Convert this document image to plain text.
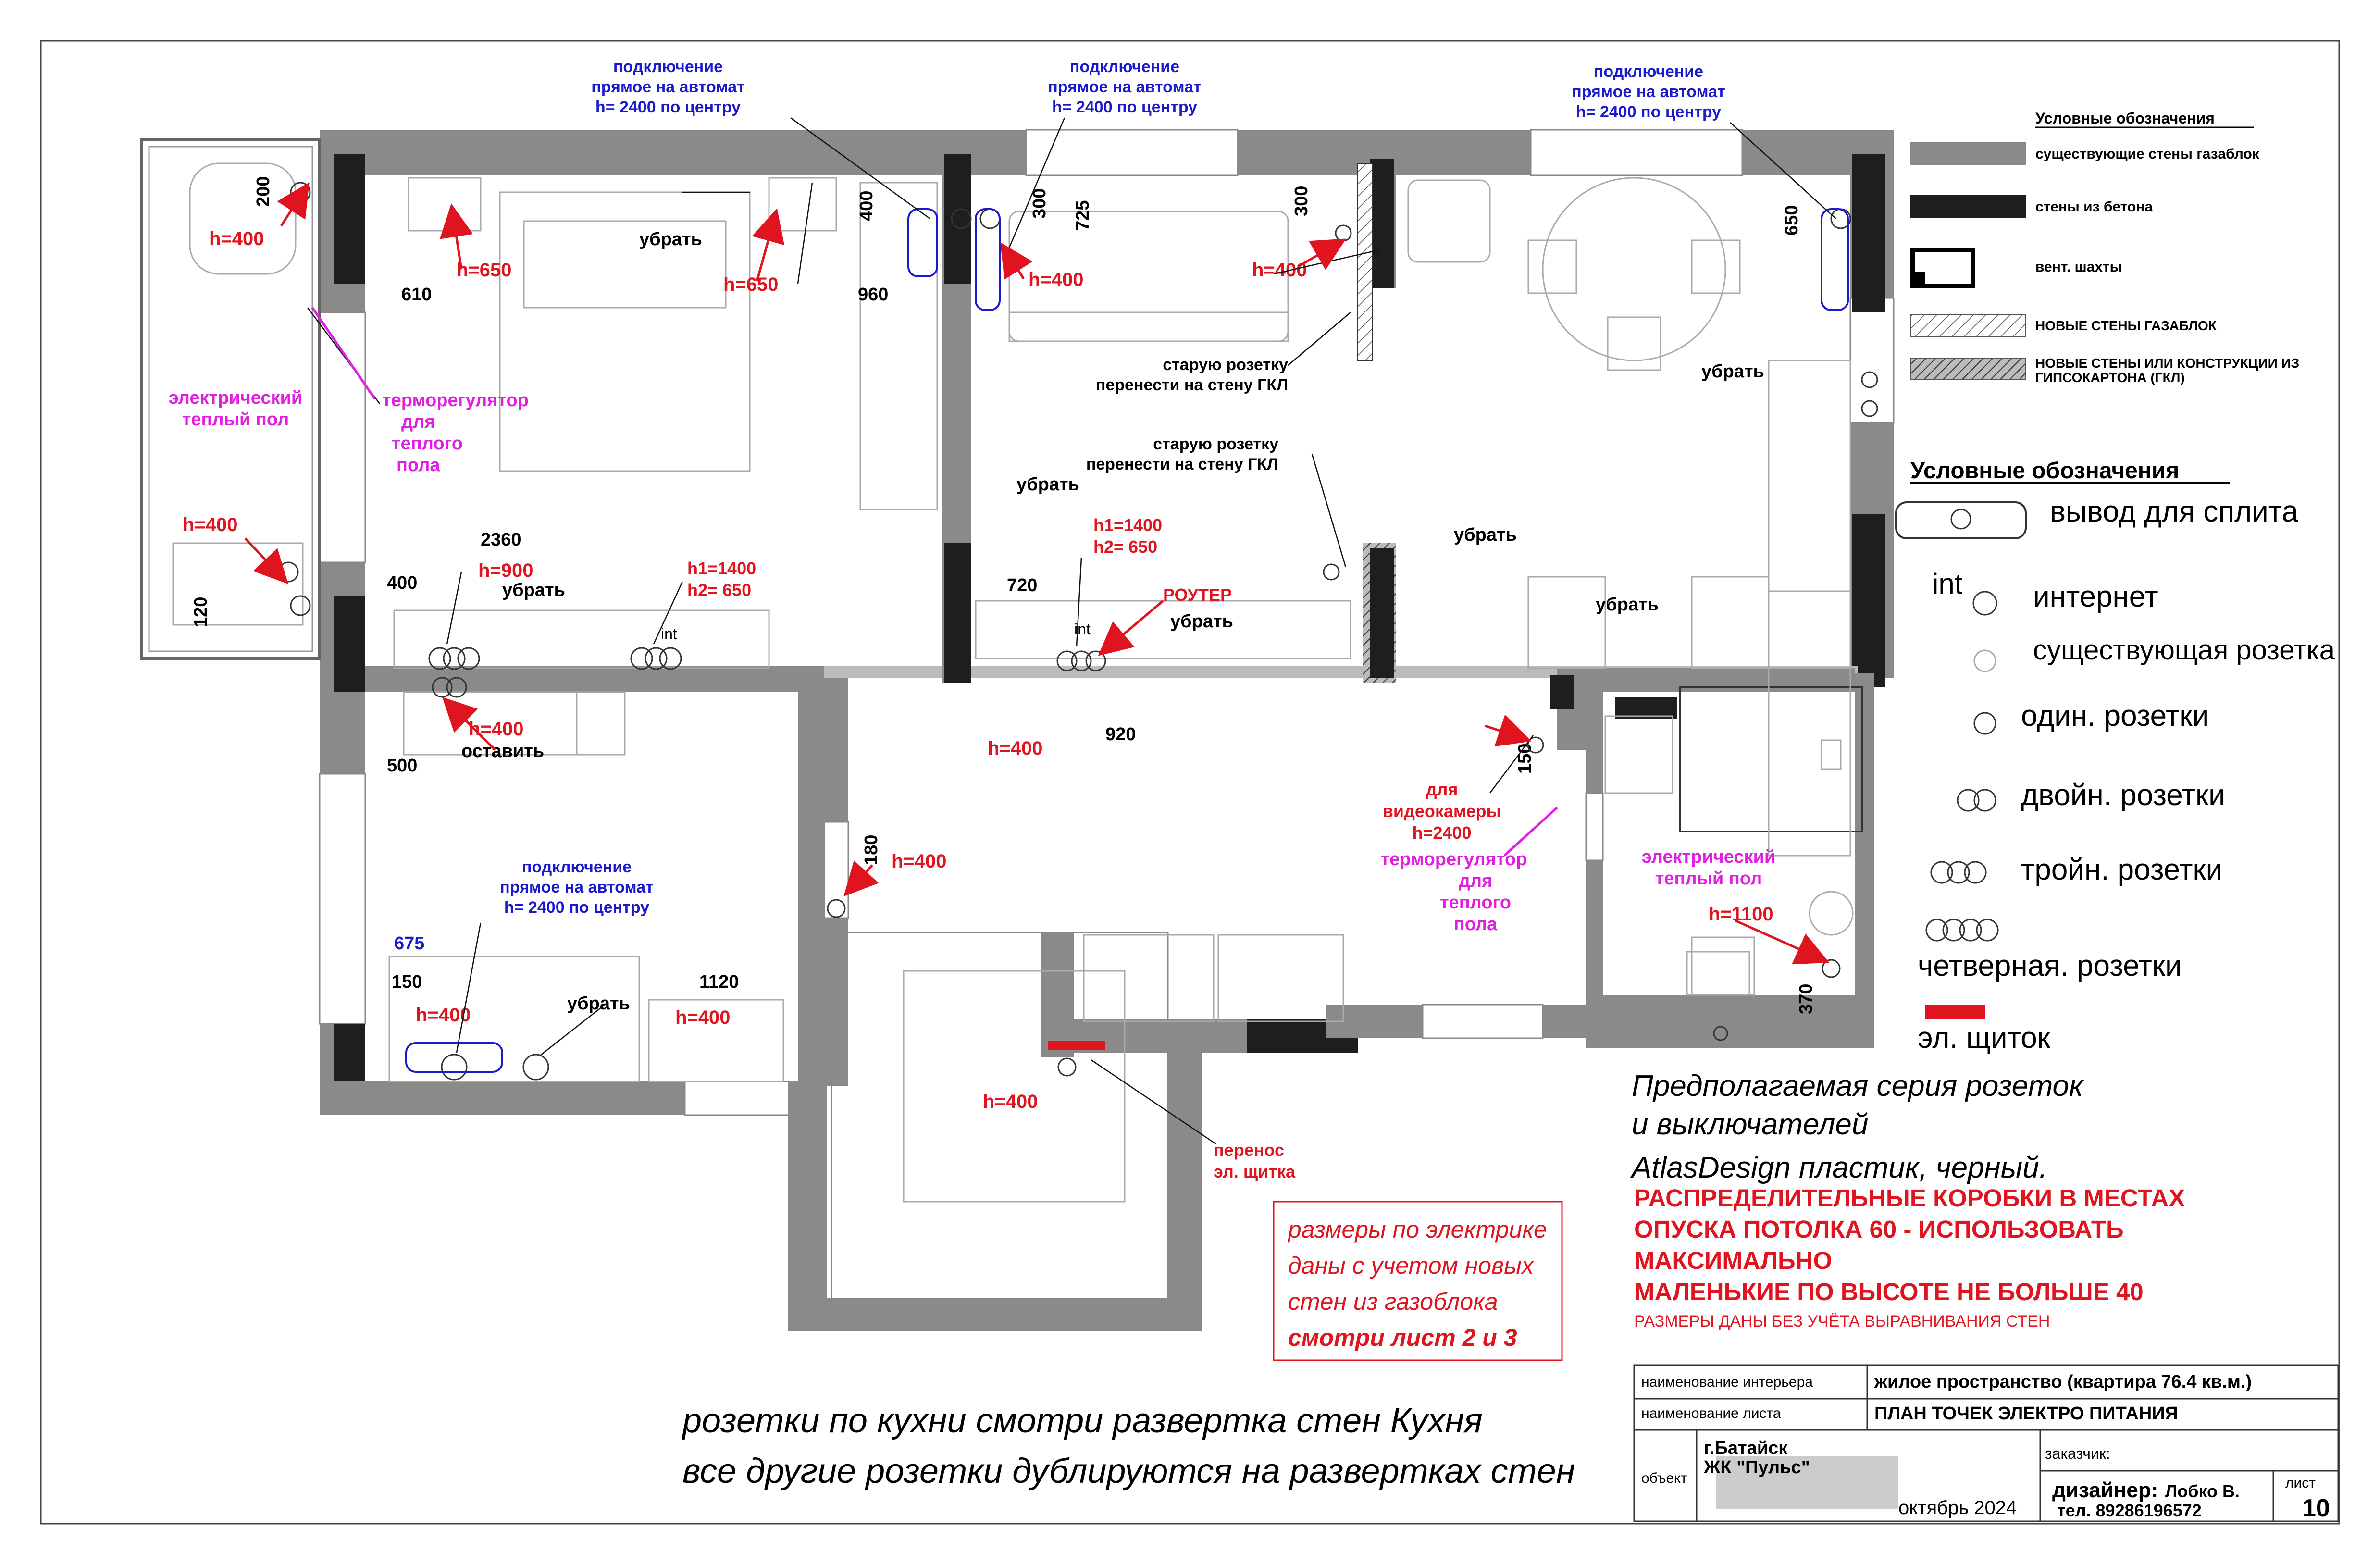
200
610	960
400	300 725	300
650
2360
400	720
920
500	150
180
675
150	1120
370
120
h=400
h=650
h=650	h=400	h=400
h=400
h=900
h=400
h=400
h=400
h=400	h=400
h=400
h=1100
h1=1400
h2= 650
h1=1400
h2= 650
РОУТЕР
для
видеокамеры
h=2400
перенос
эл. щитка
подключение
прямое на автомат
h= 2400 по центру
подключение
прямое на автомат
h= 2400 по центру
подключение
прямое на автомат
h= 2400 по центру
подключение
прямое на автомат
h= 2400 по центру
электрический
теплый пол
терморегулятор
для
теплого
пола
терморегулятор
для
теплого
пола
электрический
теплый пол
убрать
убрать
убрать
убрать
убрать
убрать
убрать
убрать
оставить
int	int
старую розетку
перенести на стену ГКЛ
старую розетку
перенести на стену ГКЛ
Условные обозначения
существующие стены газаблок
стены из бетона
вент. шахты
НОВЫЕ СТЕНЫ ГАЗАБЛОК
НОВЫЕ СТЕНЫ ИЛИ КОНСТРУКЦИИ ИЗ
ГИПСОКАРТОНА (ГКЛ)
Условные обозначения
вывод для сплита
int интернет
существующая розетка
один. розетки
двойн. розетки
тройн. розетки
четверная. розетки
эл. щиток
Предполагаемая серия розеток
и выключателей
AtlasDesign пластик, черный.
РАСПРЕДЕЛИТЕЛЬНЫЕ КОРОБКИ В МЕСТАХ
ОПУСКА ПОТОЛКА 60 - ИСПОЛЬЗОВАТЬ
МАКСИМАЛЬНО
МАЛЕНЬКИЕ ПО ВЫСОТЕ НЕ БОЛЬШЕ 40
РАЗМЕРЫ ДАНЫ БЕЗ УЧЁТА ВЫРАВНИВАНИЯ СТЕН
размеры по электрике
даны с учетом новых
стен из газоблока
смотри лист 2 и 3
розетки по кухни смотри развертка стен Кухня
все другие розетки дублируются на развертках стен
наименование интерьера	жилое пространство (квартира 76.4 кв.м.)
наименование листа	ПЛАН ТОЧЕК ЭЛЕКТРО ПИТАНИЯ
объект
г.Батайск
ЖК "Пульс"
октябрь 2024
заказчик:
дизайнер: Лобко В.
тел. 89286196572
лист
10
